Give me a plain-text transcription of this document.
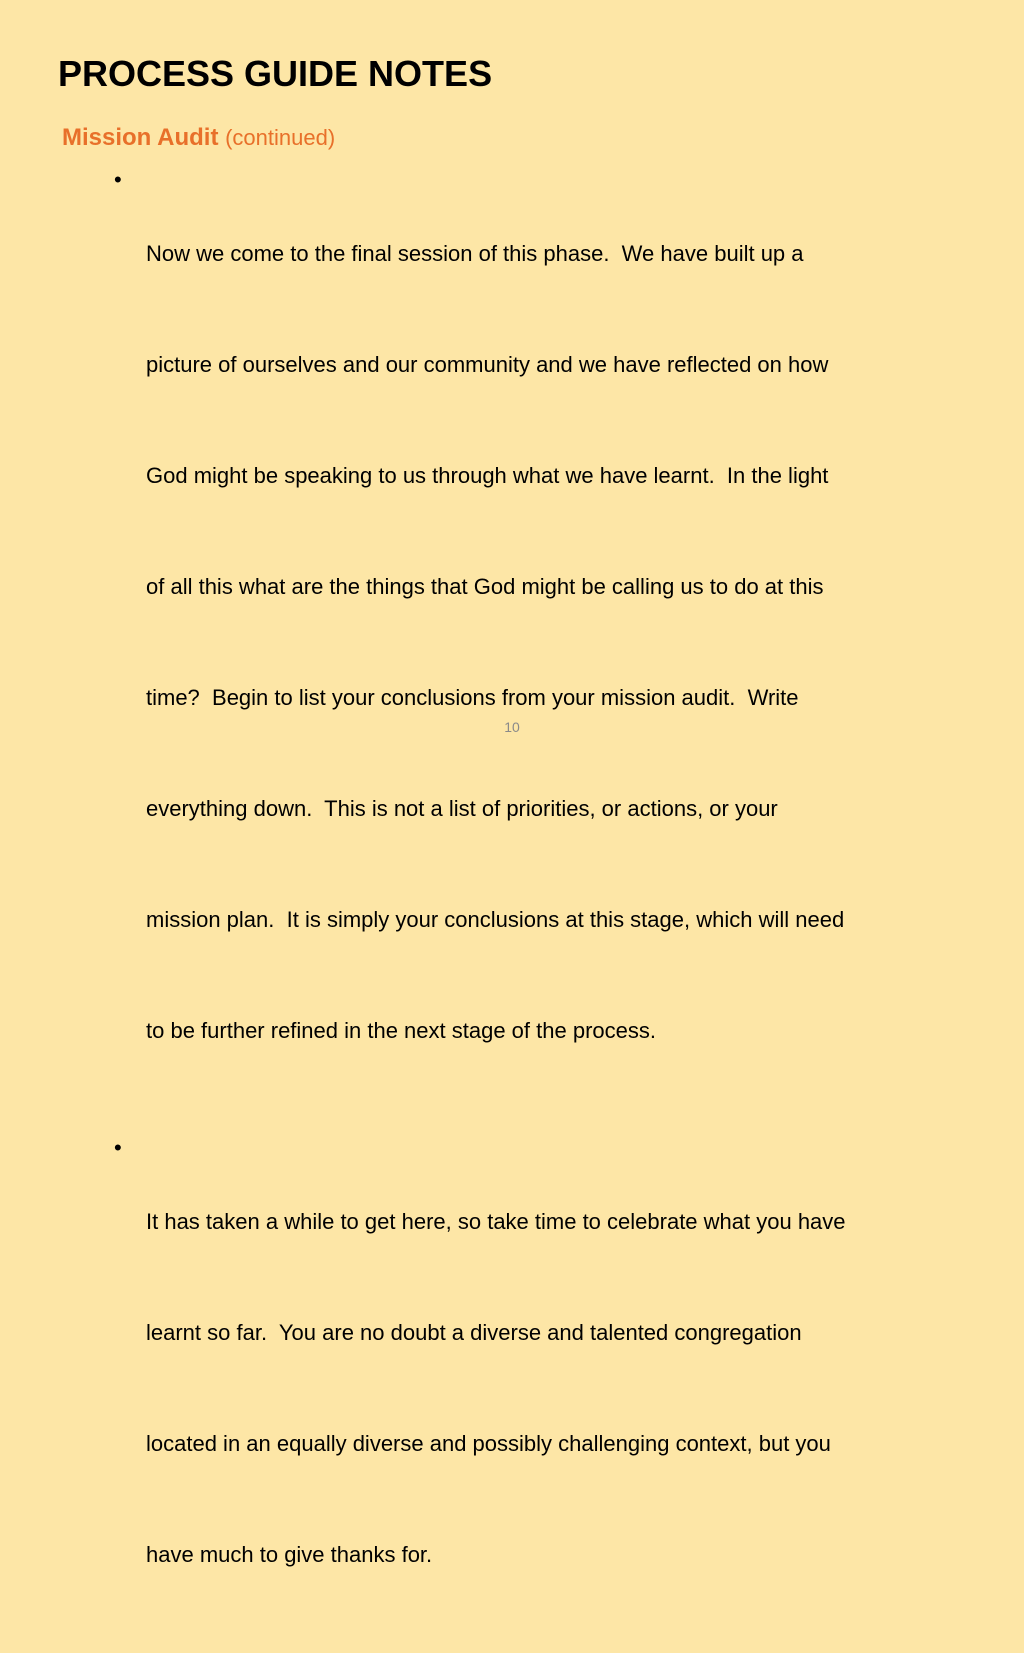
PROCESS GUIDE NOTES
Mission Audit (continued)
•

Now we come to the final session of this phase.  We have built up a

picture of ourselves and our community and we have reflected on how

God might be speaking to us through what we have learnt.  In the light

of all this what are the things that God might be calling us to do at this

time?  Begin to list your conclusions from your mission audit.  Write

everything down.  This is not a list of priorities, or actions, or your

mission plan.  It is simply your conclusions at this stage, which will need

to be further refined in the next stage of the process.

•

It has taken a while to get here, so take time to celebrate what you have

learnt so far.  You are no doubt a diverse and talented congregation

located in an equally diverse and possibly challenging context, but you

have much to give thanks for.

10
